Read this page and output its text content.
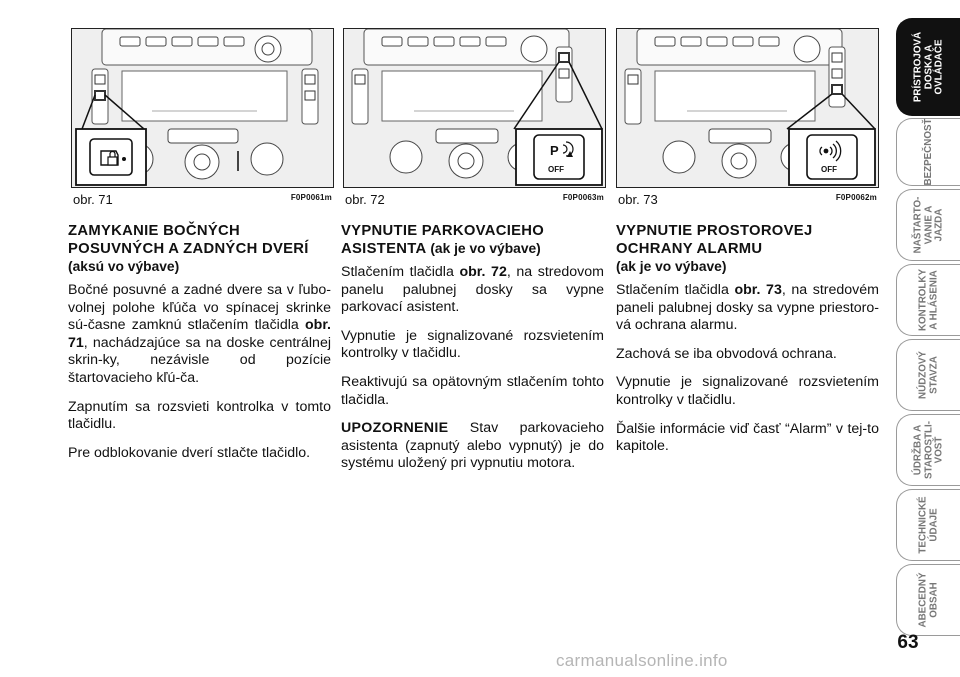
obr. 71	F0P0061m
P
OFF
obr. 72	F0P0063m
OFF
obr. 73	F0P0062m
ZAMYKANIE BOČNÝCH POSUVNÝCH A ZADNÝCH DVERÍ (aksú vo výbave)

Bočné posuvné a zadné dvere sa v ľubo-volnej polohe kľúča vo spínacej skrinke sú-časne zamknú stlačením tlačidla obr. 71, nachádzajúce sa na doske centrálnej skrin-ky, nezávisle od pozície štartovacieho kľú-ča.

Zapnutím sa rozsvieti kontrolka v tomto tlačidlu.

Pre odblokovanie dverí stlačte tlačidlo.

VYPNUTIE PARKOVACIEHO ASISTENTA (ak je vo výbave)

Stlačením tlačidla obr. 72, na stredovom panelu palubnej dosky sa vypne parkovací asistent.

Vypnutie je signalizované rozsvietením kontrolky v tlačidlu.

Reaktivujú sa opätovným stlačením tohto tlačidla.

UPOZORNENIE Stav parkovacieho asistenta (zapnutý alebo vypnutý) je do systému uložený pri vypnutiu motora.

VYPNUTIE PROSTOROVEJ OCHRANY ALARMU
(ak je vo výbave)

Stlačením tlačidla obr. 73, na stredovém paneli palubnej dosky sa vypne priestoro-vá ochrana alarmu.

Zachová se iba obvodová ochrana.

Vypnutie je signalizované rozsvietením kontrolky v tlačidlu.

Ďalšie informácie viď časť “Alarm” v tej-to kapitole.

PRÍSTROJOVÁ
DOSKA A
OVLÁDAČE
BEZPEČNOSŤ
NAŠTARTO-
VANIE A
JAZDA
KONTROLKY
A HLÁSENIA
NÚDZOVÝ
STAVZA
ÚDRŽBA A
STAROSTLI-
VOSŤ
TECHNICKÉ
ÚDAJE
ABECEDNÝ
OBSAH
63
carmanualsonline.info
